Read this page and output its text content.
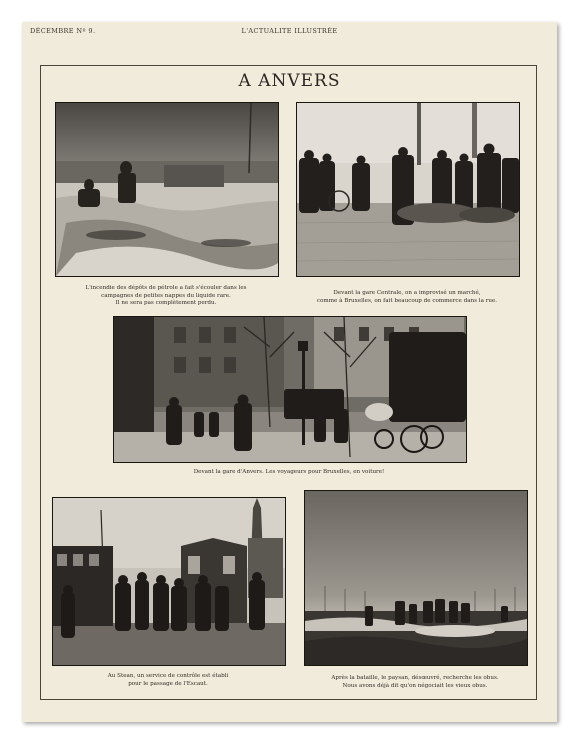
DÉCEMBRE Nº 9.	L'ACTUALITE ILLUSTRÉE
A ANVERS
L'incendie des dépôts de pétrole a fait s'écouler dans les
campagnes de petites nappes du liquide rare.
Il ne sera pas complètement perdu.
Devant la gare Centrale, on a improvisé un marché,
comme à Bruxelles, on fait beaucoup de commerce dans la rue.
Devant la gare d'Anvers. Les voyageurs pour Bruxelles, en voiture!
Au Stean, un service de contrôle est établi
pour le passage de l'Escaut.
Après la bataille, le paysan, désœuvré, recherche les obus.
Nous avons déjà dit qu'on négociait les vieux obus.
